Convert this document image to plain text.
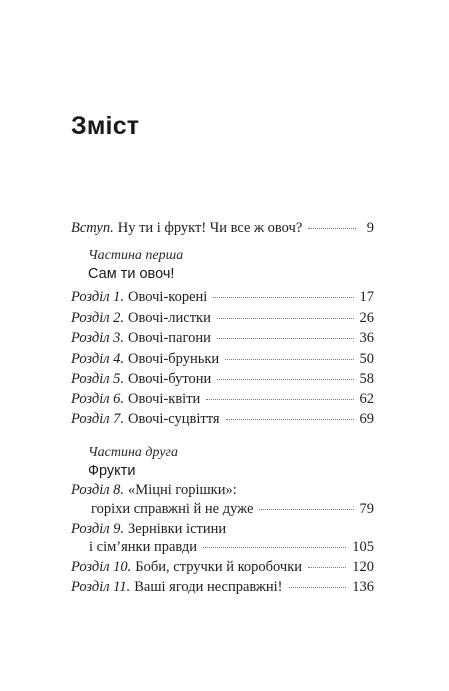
Зміст
Вступ. Ну ти і фрукт! Чи все ж овоч?	9
Частина перша
Сам ти овоч!
Розділ 1. Овочі-корені	17
Розділ 2. Овочі-листки	26
Розділ 3. Овочі-пагони	36
Розділ 4. Овочі-бруньки	50
Розділ 5. Овочі-бутони	58
Розділ 6. Овочі-квіти	62
Розділ 7. Овочі-суцвіття	69
Частина друга
Фрукти
Розділ 8. «Міцні горішки»:
горіхи справжні й не дуже	79
Розділ 9. Зернівки істини
і сім’янки правди	105
Розділ 10. Боби, стручки й коробочки	120
Розділ 11. Ваші ягоди несправжні!	136
